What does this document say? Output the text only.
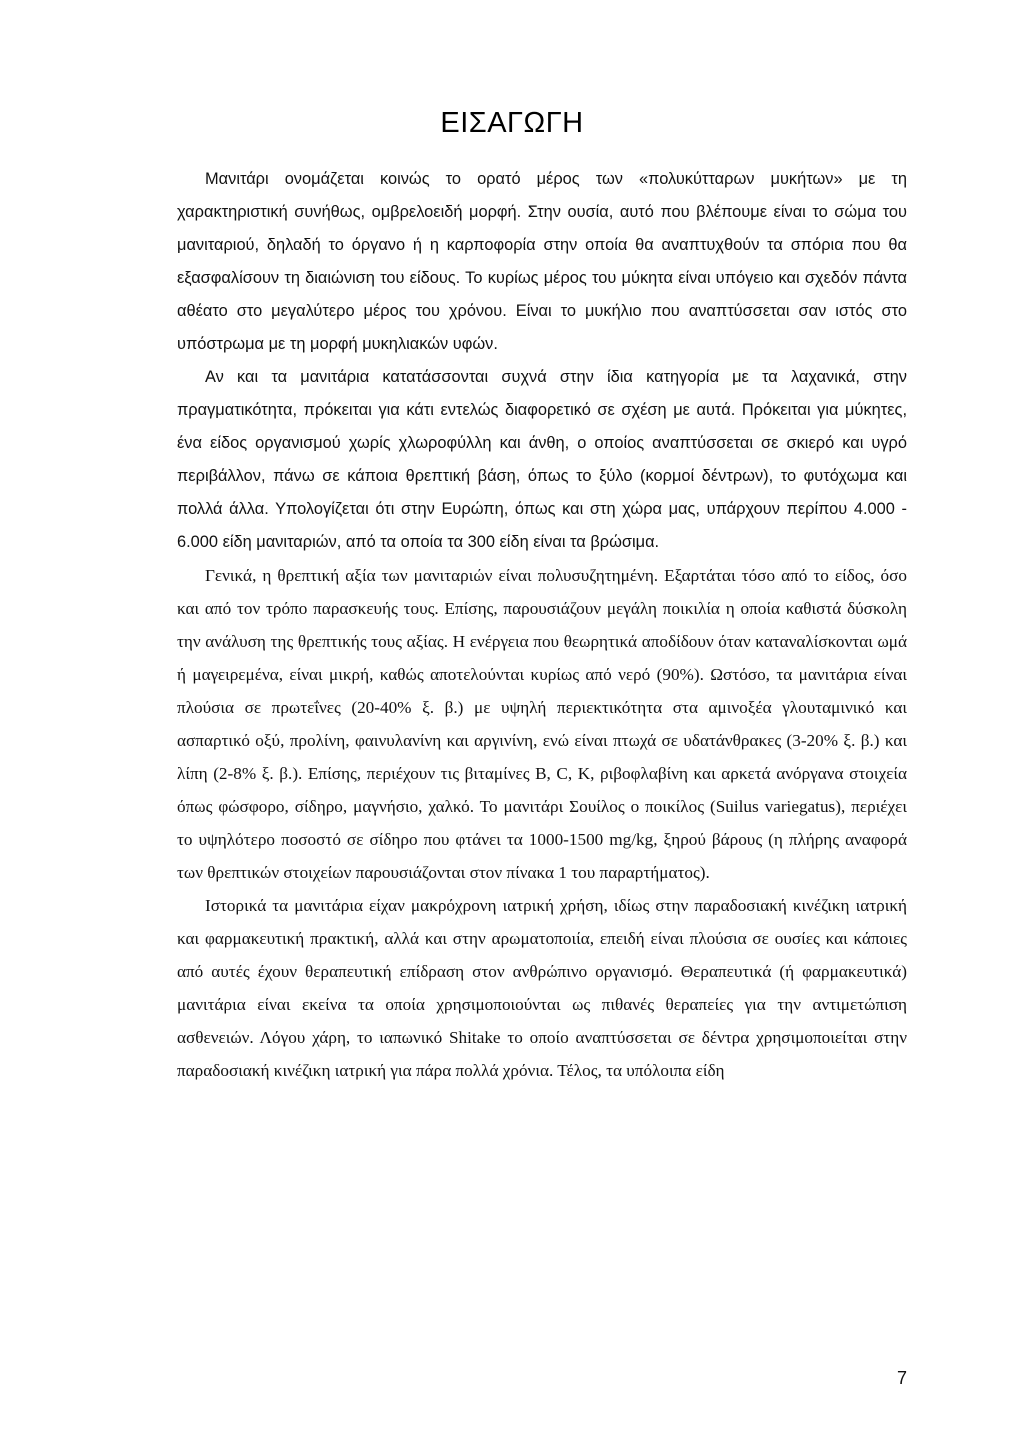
ΕΙΣΑΓΩΓΗ

Μανιτάρι ονομάζεται κοινώς το ορατό μέρος των «πολυκύτταρων μυκήτων» με τη χαρακτηριστική συνήθως, ομβρελοειδή μορφή. Στην ουσία, αυτό που βλέπουμε είναι το σώμα του μανιταριού, δηλαδή το όργανο ή η καρποφορία στην οποία θα αναπτυχθούν τα σπόρια που θα εξασφαλίσουν τη διαιώνιση του είδους. Το κυρίως μέρος του μύκητα είναι υπόγειο και σχεδόν πάντα αθέατο στο μεγαλύτερο μέρος του χρόνου. Είναι το μυκήλιο που αναπτύσσεται σαν ιστός στο υπόστρωμα με τη μορφή μυκηλιακών υφών.

Αν και τα μανιτάρια κατατάσσονται συχνά στην ίδια κατηγορία με τα λαχανικά, στην πραγματικότητα, πρόκειται για κάτι εντελώς διαφορετικό σε σχέση με αυτά. Πρόκειται για μύκητες, ένα είδος οργανισμού χωρίς χλωροφύλλη και άνθη, ο οποίος αναπτύσσεται σε σκιερό και υγρό περιβάλλον, πάνω σε κάποια θρεπτική βάση, όπως το ξύλο (κορμοί δέντρων), το φυτόχωμα και πολλά άλλα. Υπολογίζεται ότι στην Ευρώπη, όπως και στη χώρα μας, υπάρχουν περίπου 4.000 - 6.000 είδη μανιταριών, από τα οποία τα 300 είδη είναι τα βρώσιμα.

Γενικά, η θρεπτική αξία των μανιταριών είναι πολυσυζητημένη. Εξαρτάται τόσο από το είδος, όσο και από τον τρόπο παρασκευής τους. Επίσης, παρουσιάζουν μεγάλη ποικιλία η οποία καθιστά δύσκολη την ανάλυση της θρεπτικής τους αξίας. Η ενέργεια που θεωρητικά αποδίδουν όταν καταναλίσκονται ωμά ή μαγειρεμένα, είναι μικρή, καθώς αποτελούνται κυρίως από νερό (90%). Ωστόσο, τα μανιτάρια είναι πλούσια σε πρωτεΐνες (20-40% ξ. β.) με υψηλή περιεκτικότητα στα αμινοξέα γλουταμινικό και ασπαρτικό οξύ, προλίνη, φαινυλανίνη και αργινίνη, ενώ είναι πτωχά σε υδατάνθρακες (3-20% ξ. β.) και λίπη (2-8% ξ. β.). Επίσης, περιέχουν τις βιταμίνες B, C, K, ριβοφλαβίνη και αρκετά ανόργανα στοιχεία όπως φώσφορο, σίδηρο, μαγνήσιο, χαλκό. Το μανιτάρι Σουίλος ο ποικίλος (Suilus variegatus), περιέχει το υψηλότερο ποσοστό σε σίδηρο που φτάνει τα 1000-1500 mg/kg, ξηρού βάρους (η πλήρης αναφορά των θρεπτικών στοιχείων παρουσιάζονται στον πίνακα 1 του παραρτήματος).

Ιστορικά τα μανιτάρια είχαν μακρόχρονη ιατρική χρήση, ιδίως στην παραδοσιακή κινέζικη ιατρική και φαρμακευτική πρακτική, αλλά και στην αρωματοποιία, επειδή είναι πλούσια σε ουσίες και κάποιες από αυτές έχουν θεραπευτική επίδραση στον ανθρώπινο οργανισμό. Θεραπευτικά (ή φαρμακευτικά) μανιτάρια είναι εκείνα τα οποία χρησιμοποιούνται ως πιθανές θεραπείες για την αντιμετώπιση ασθενειών. Λόγου χάρη, το ιαπωνικό Shitake το οποίο αναπτύσσεται σε δέντρα χρησιμοποιείται στην παραδοσιακή κινέζικη ιατρική για πάρα πολλά χρόνια. Τέλος, τα υπόλοιπα είδη

7
